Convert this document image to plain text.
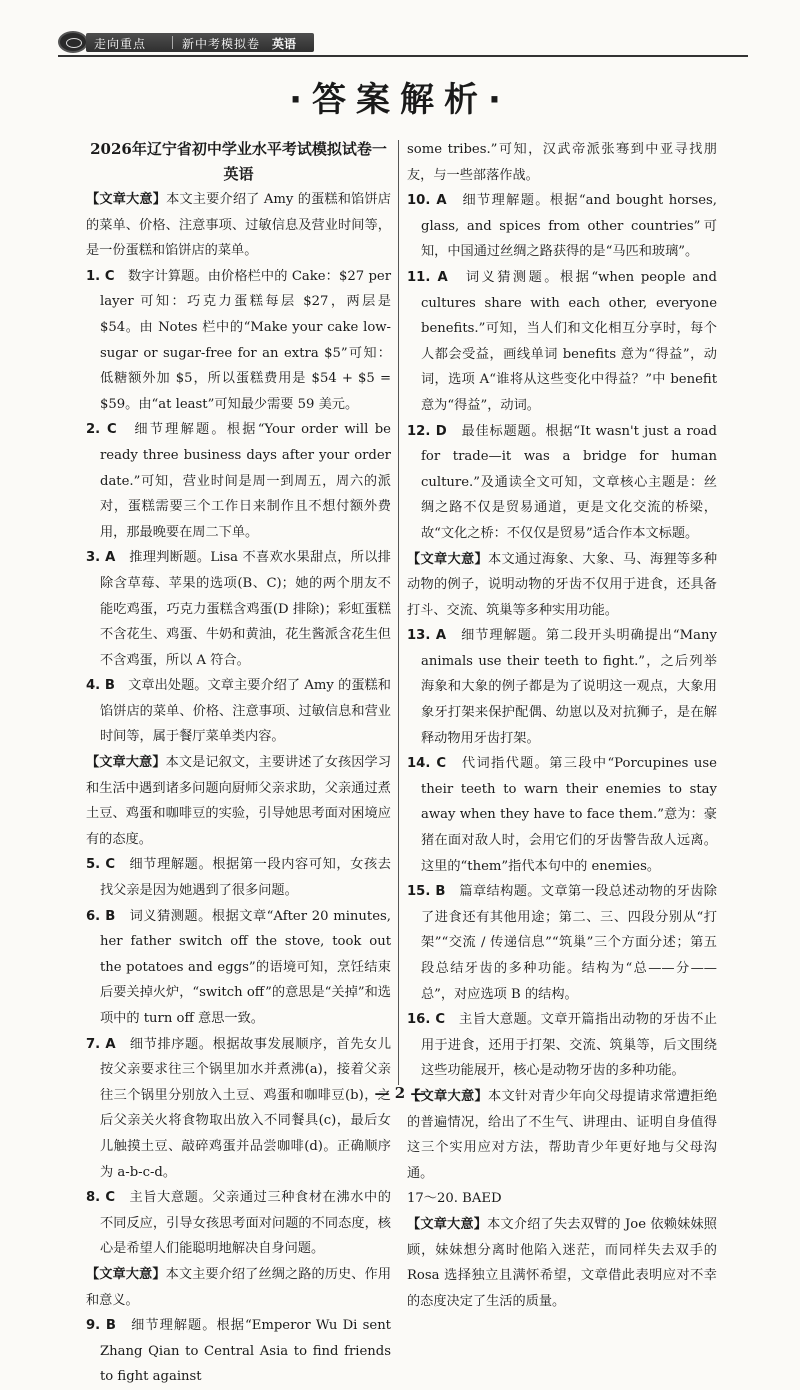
走向重点	新中考模拟卷 英语
·答案解析·
2026年辽宁省初中学业水平考试模拟试卷一
英语

【文章大意】本文主要介绍了 Amy 的蛋糕和馅饼店的菜单、价格、注意事项、过敏信息及营业时间等，是一份蛋糕和馅饼店的菜单。

1. C　数字计算题。由价格栏中的 Cake：$27 per layer 可知：巧克力蛋糕每层 $27，两层是 $54。由 Notes 栏中的“Make your cake low-sugar or sugar-free for an extra $5”可知：低糖额外加 $5，所以蛋糕费用是 $54 + $5 = $59。由“at least”可知最少需要 59 美元。

2. C　细节理解题。根据“Your order will be ready three business days after your order date.”可知，营业时间是周一到周五，周六的派对，蛋糕需要三个工作日来制作且不想付额外费用，那最晚要在周二下单。

3. A　推理判断题。Lisa 不喜欢水果甜点，所以排除含草莓、苹果的选项(B、C)；她的两个朋友不能吃鸡蛋，巧克力蛋糕含鸡蛋(D 排除)；彩虹蛋糕不含花生、鸡蛋、牛奶和黄油，花生酱派含花生但不含鸡蛋，所以 A 符合。

4. B　文章出处题。文章主要介绍了 Amy 的蛋糕和馅饼店的菜单、价格、注意事项、过敏信息和营业时间等，属于餐厅菜单类内容。

【文章大意】本文是记叙文，主要讲述了女孩因学习和生活中遇到诸多问题向厨师父亲求助，父亲通过煮土豆、鸡蛋和咖啡豆的实验，引导她思考面对困境应有的态度。

5. C　细节理解题。根据第一段内容可知，女孩去找父亲是因为她遇到了很多问题。

6. B　词义猜测题。根据文章“After 20 minutes, her father switch off the stove, took out the potatoes and eggs”的语境可知，烹饪结束后要关掉火炉，“switch off”的意思是“关掉”和选项中的 turn off 意思一致。

7. A　细节排序题。根据故事发展顺序，首先女儿按父亲要求往三个锅里加水并煮沸(a)，接着父亲往三个锅里分别放入土豆、鸡蛋和咖啡豆(b)，之后父亲关火将食物取出放入不同餐具(c)，最后女儿触摸土豆、敲碎鸡蛋并品尝咖啡(d)。正确顺序为 a-b-c-d。

8. C　主旨大意题。父亲通过三种食材在沸水中的不同反应，引导女孩思考面对问题的不同态度，核心是希望人们能聪明地解决自身问题。

【文章大意】本文主要介绍了丝绸之路的历史、作用和意义。

9. B　细节理解题。根据“Emperor Wu Di sent Zhang Qian to Central Asia to find friends to fight against

some tribes.”可知，汉武帝派张骞到中亚寻找朋友，与一些部落作战。

10. A　细节理解题。根据“and bought horses, glass, and spices from other countries”可知，中国通过丝绸之路获得的是“马匹和玻璃”。

11. A　词义猜测题。根据“when people and cultures share with each other, everyone benefits.”可知，当人们和文化相互分享时，每个人都会受益，画线单词 benefits 意为“得益”，动词，选项 A“谁将从这些变化中得益？”中 benefit 意为“得益”，动词。

12. D　最佳标题题。根据“It wasn't just a road for trade—it was a bridge for human culture.”及通读全文可知，文章核心主题是：丝绸之路不仅是贸易通道，更是文化交流的桥梁，故“文化之桥：不仅仅是贸易”适合作本文标题。

【文章大意】本文通过海象、大象、马、海狸等多种动物的例子，说明动物的牙齿不仅用于进食，还具备打斗、交流、筑巢等多种实用功能。

13. A　细节理解题。第二段开头明确提出“Many animals use their teeth to fight.”，之后列举海象和大象的例子都是为了说明这一观点，大象用象牙打架来保护配偶、幼崽以及对抗狮子，是在解释动物用牙齿打架。

14. C　代词指代题。第三段中“Porcupines use their teeth to warn their enemies to stay away when they have to face them.”意为：豪猪在面对敌人时，会用它们的牙齿警告敌人远离。这里的“them”指代本句中的 enemies。

15. B　篇章结构题。文章第一段总述动物的牙齿除了进食还有其他用途；第二、三、四段分别从“打架”“交流 / 传递信息”“筑巢”三个方面分述；第五段总结牙齿的多种功能。结构为“总——分——总”，对应选项 B 的结构。

16. C　主旨大意题。文章开篇指出动物的牙齿不止用于进食，还用于打架、交流、筑巢等，后文围绕这些功能展开，核心是动物牙齿的多种功能。

【文章大意】本文针对青少年向父母提请求常遭拒绝的普遍情况，给出了不生气、讲理由、证明自身值得这三个实用应对方法，帮助青少年更好地与父母沟通。

17～20. BAED

【文章大意】本文介绍了失去双臂的 Joe 依赖妹妹照顾，妹妹想分离时他陷入迷茫，而同样失去双手的 Rosa 选择独立且满怀希望，文章借此表明应对不幸的态度决定了生活的质量。

— 2 —
